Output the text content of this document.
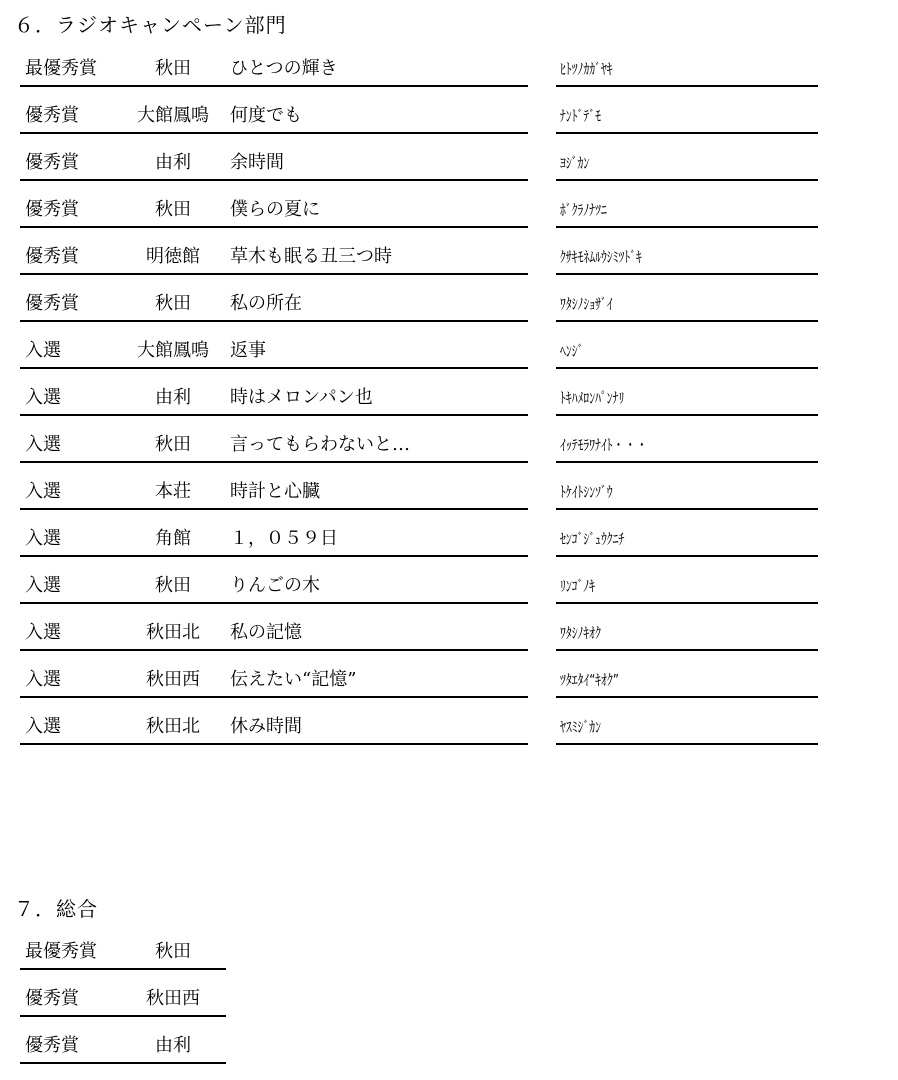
６．ラジオキャンペーン部門
最優秀賞	秋田	ひとつの輝き	ﾋﾄﾂﾉｶｶﾞﾔｷ
優秀賞	大館鳳鳴	何度でも	ﾅﾝﾄﾞﾃﾞﾓ
優秀賞	由利	余時間	ﾖｼﾞｶﾝ
優秀賞	秋田	僕らの夏に	ﾎﾞｸﾗﾉﾅﾂﾆ
優秀賞	明徳館	草木も眠る丑三つ時	ｸｻｷﾓﾈﾑﾙｳｼﾐﾂﾄﾞｷ
優秀賞	秋田	私の所在	ﾜﾀｼﾉｼｮｻﾞｲ
入選	大館鳳鳴	返事	ﾍﾝｼﾞ
入選	由利	時はメロンパン也	ﾄｷﾊﾒﾛﾝﾊﾟﾝﾅﾘ
入選	秋田	言ってもらわないと…	ｲｯﾃﾓﾗﾜﾅｲﾄ・・・
入選	本荘	時計と心臓	ﾄｹｲﾄｼﾝｿﾞｳ
入選	角館	１，０５９日	ｾﾝｺﾞｼﾞｭｳｸﾆﾁ
入選	秋田	りんごの木	ﾘﾝｺﾞﾉｷ
入選	秋田北	私の記憶	ﾜﾀｼﾉｷｵｸ
入選	秋田西	伝えたい“記憶”	ﾂﾀｴﾀｲ“ｷｵｸ”
入選	秋田北	休み時間	ﾔｽﾐｼﾞｶﾝ
７．総合
最優秀賞	秋田
優秀賞	秋田西
優秀賞	由利
